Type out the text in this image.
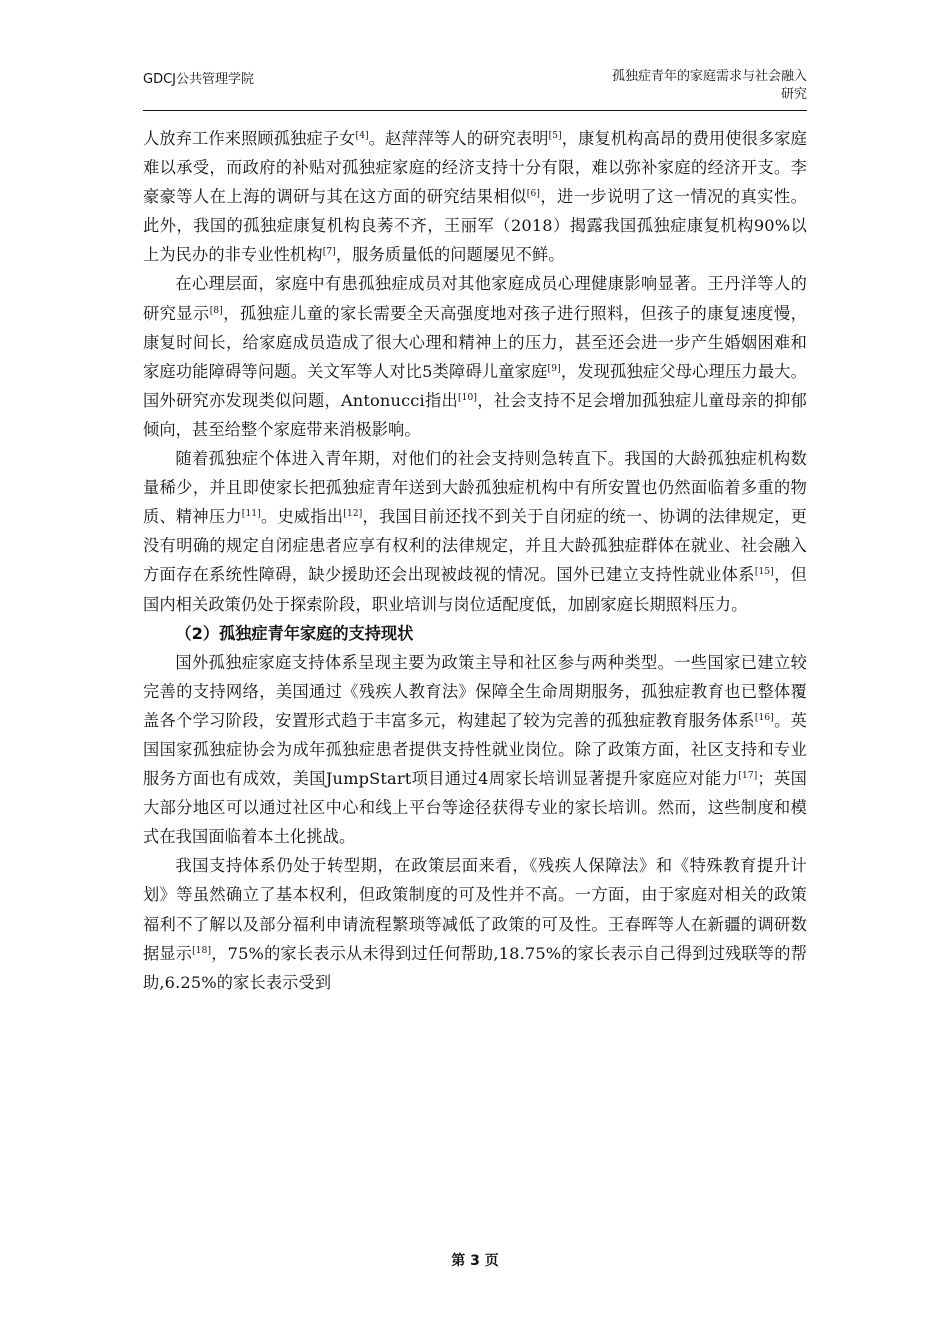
GDCJ公共管理学院	孤独症青年的家庭需求与社会融入
研究

人放弃工作来照顾孤独症子女[4]。赵萍萍等人的研究表明[5]，康复机构高昂的费用使很多家庭难以承受，而政府的补贴对孤独症家庭的经济支持十分有限，难以弥补家庭的经济开支。李豪豪等人在上海的调研与其在这方面的研究结果相似[6]，进一步说明了这一情况的真实性。此外，我国的孤独症康复机构良莠不齐，王丽军（2018）揭露我国孤独症康复机构90%以上为民办的非专业性机构[7]，服务质量低的问题屡见不鲜。

在心理层面，家庭中有患孤独症成员对其他家庭成员心理健康影响显著。王丹洋等人的研究显示[8]，孤独症儿童的家长需要全天高强度地对孩子进行照料，但孩子的康复速度慢，康复时间长，给家庭成员造成了很大心理和精神上的压力，甚至还会进一步产生婚姻困难和家庭功能障碍等问题。关文军等人对比5类障碍儿童家庭[9]，发现孤独症父母心理压力最大。国外研究亦发现类似问题，Antonucci指出[10]，社会支持不足会增加孤独症儿童母亲的抑郁倾向，甚至给整个家庭带来消极影响。

随着孤独症个体进入青年期，对他们的社会支持则急转直下。我国的大龄孤独症机构数量稀少，并且即使家长把孤独症青年送到大龄孤独症机构中有所安置也仍然面临着多重的物质、精神压力[11]。史威指出[12]，我国目前还找不到关于自闭症的统一、协调的法律规定，更没有明确的规定自闭症患者应享有权利的法律规定，并且大龄孤独症群体在就业、社会融入方面存在系统性障碍，缺少援助还会出现被歧视的情况。国外已建立支持性就业体系[15]，但国内相关政策仍处于探索阶段，职业培训与岗位适配度低，加剧家庭长期照料压力。

（2）孤独症青年家庭的支持现状

国外孤独症家庭支持体系呈现主要为政策主导和社区参与两种类型。一些国家已建立较完善的支持网络，美国通过《残疾人教育法》保障全生命周期服务，孤独症教育也已整体覆盖各个学习阶段，安置形式趋于丰富多元，构建起了较为完善的孤独症教育服务体系[16]。英国国家孤独症协会为成年孤独症患者提供支持性就业岗位。除了政策方面，社区支持和专业服务方面也有成效，美国JumpStart项目通过4周家长培训显著提升家庭应对能力[17]；英国大部分地区可以通过社区中心和线上平台等途径获得专业的家长培训。然而，这些制度和模式在我国面临着本土化挑战。

我国支持体系仍处于转型期，在政策层面来看，《残疾人保障法》和《特殊教育提升计划》等虽然确立了基本权利，但政策制度的可及性并不高。一方面，由于家庭对相关的政策福利不了解以及部分福利申请流程繁琐等减低了政策的可及性。王春晖等人在新疆的调研数据显示[18]，75%的家长表示从未得到过任何帮助,18.75%的家长表示自己得到过残联等的帮助,6.25%的家长表示受到

第 3 页
